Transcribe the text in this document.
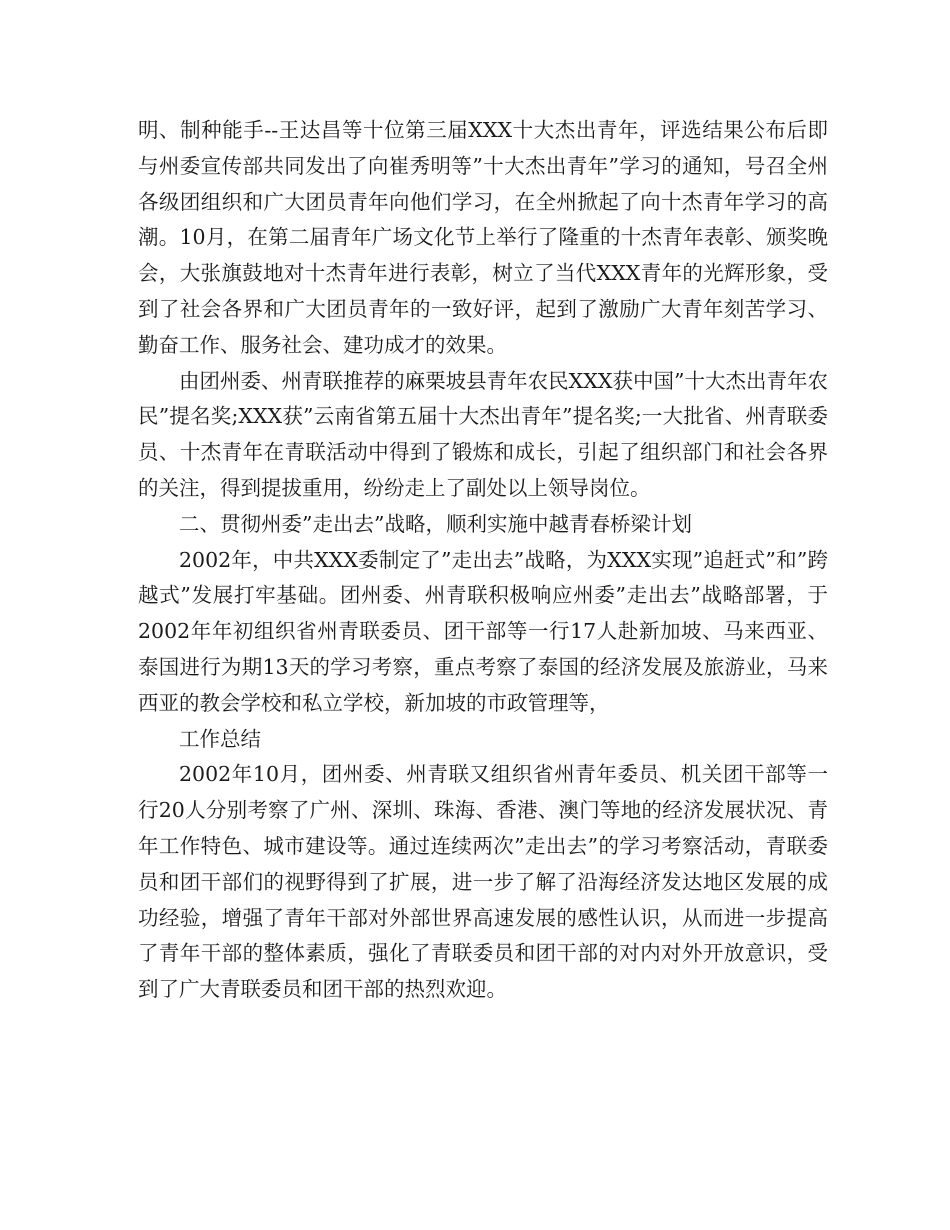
明、制种能手--王达昌等十位第三届XXX十大杰出青年，评选结果公布后即与州委宣传部共同发出了向崔秀明等”十大杰出青年”学习的通知，号召全州各级团组织和广大团员青年向他们学习，在全州掀起了向十杰青年学习的高潮。10月，在第二届青年广场文化节上举行了隆重的十杰青年表彰、颁奖晚会，大张旗鼓地对十杰青年进行表彰，树立了当代XXX青年的光辉形象，受到了社会各界和广大团员青年的一致好评，起到了激励广大青年刻苦学习、勤奋工作、服务社会、建功成才的效果。

由团州委、州青联推荐的麻栗坡县青年农民XXX获中国”十大杰出青年农民”提名奖;XXX获”云南省第五届十大杰出青年”提名奖;一大批省、州青联委员、十杰青年在青联活动中得到了锻炼和成长，引起了组织部门和社会各界的关注，得到提拔重用，纷纷走上了副处以上领导岗位。

二、贯彻州委”走出去”战略，顺利实施中越青春桥梁计划

2002年，中共XXX委制定了”走出去”战略，为XXX实现”追赶式”和”跨越式”发展打牢基础。团州委、州青联积极响应州委”走出去”战略部署，于2002年年初组织省州青联委员、团干部等一行17人赴新加坡、马来西亚、泰国进行为期13天的学习考察，重点考察了泰国的经济发展及旅游业，马来西亚的教会学校和私立学校，新加坡的市政管理等，

工作总结

2002年10月，团州委、州青联又组织省州青年委员、机关团干部等一行20人分别考察了广州、深圳、珠海、香港、澳门等地的经济发展状况、青年工作特色、城市建设等。通过连续两次”走出去”的学习考察活动，青联委员和团干部们的视野得到了扩展，进一步了解了沿海经济发达地区发展的成功经验，增强了青年干部对外部世界高速发展的感性认识，从而进一步提高了青年干部的整体素质，强化了青联委员和团干部的对内对外开放意识，受到了广大青联委员和团干部的热烈欢迎。
